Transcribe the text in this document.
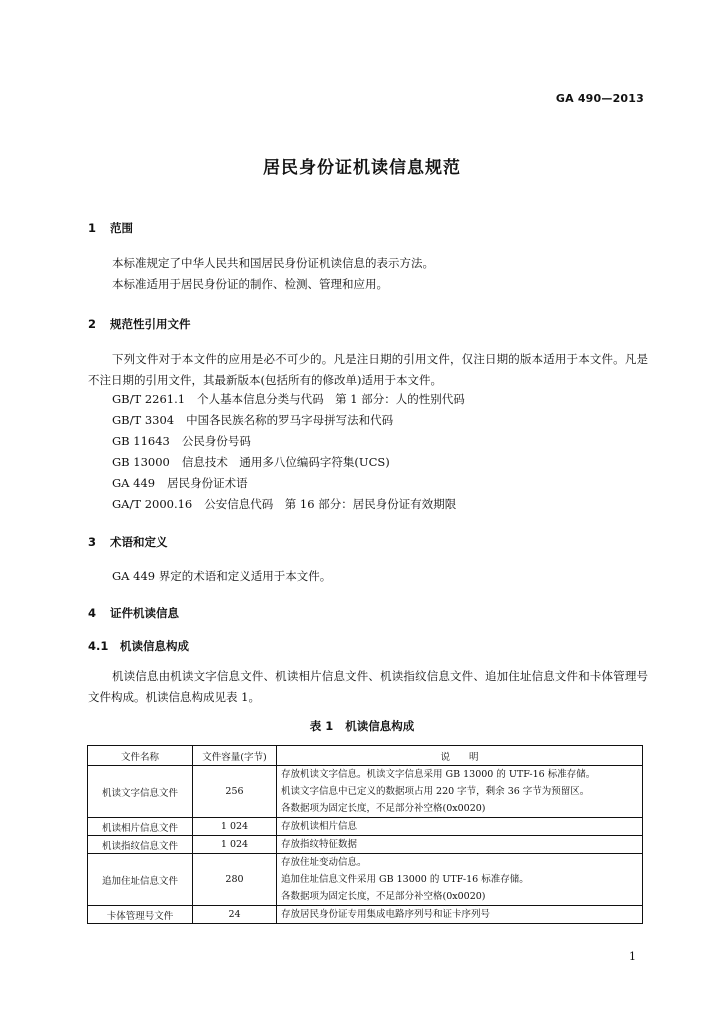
GA 490—2013
居民身份证机读信息规范
1 范围
本标准规定了中华人民共和国居民身份证机读信息的表示方法。
本标准适用于居民身份证的制作、检测、管理和应用。
2 规范性引用文件
下列文件对于本文件的应用是必不可少的。凡是注日期的引用文件，仅注日期的版本适用于本文件。凡是不注日期的引用文件，其最新版本(包括所有的修改单)适用于本文件。
GB/T 2261.1 个人基本信息分类与代码　第 1 部分：人的性别代码
GB/T 3304 中国各民族名称的罗马字母拼写法和代码
GB 11643 公民身份号码
GB 13000 信息技术　通用多八位编码字符集(UCS)
GA 449 居民身份证术语
GA/T 2000.16 公安信息代码　第 16 部分：居民身份证有效期限
3 术语和定义
GA 449 界定的术语和定义适用于本文件。
4 证件机读信息
4.1 机读信息构成
机读信息由机读文字信息文件、机读相片信息文件、机读指纹信息文件、追加住址信息文件和卡体管理号文件构成。机读信息构成见表 1。
表 1 机读信息构成
文件名称	文件容量(字节)	说　　明
机读文字信息文件	256	存放机读文字信息。机读文字信息采用 GB 13000 的 UTF-16 标准存储。
机读文字信息中已定义的数据项占用 220 字节，剩余 36 字节为预留区。
各数据项为固定长度，不足部分补空格(0x0020)

机读相片信息文件	1 024	存放机读相片信息

机读指纹信息文件	1 024	存放指纹特征数据

追加住址信息文件	280	存放住址变动信息。
追加住址信息文件采用 GB 13000 的 UTF-16 标准存储。
各数据项为固定长度，不足部分补空格(0x0020)

卡体管理号文件	24	存放居民身份证专用集成电路序列号和证卡序列号
1
